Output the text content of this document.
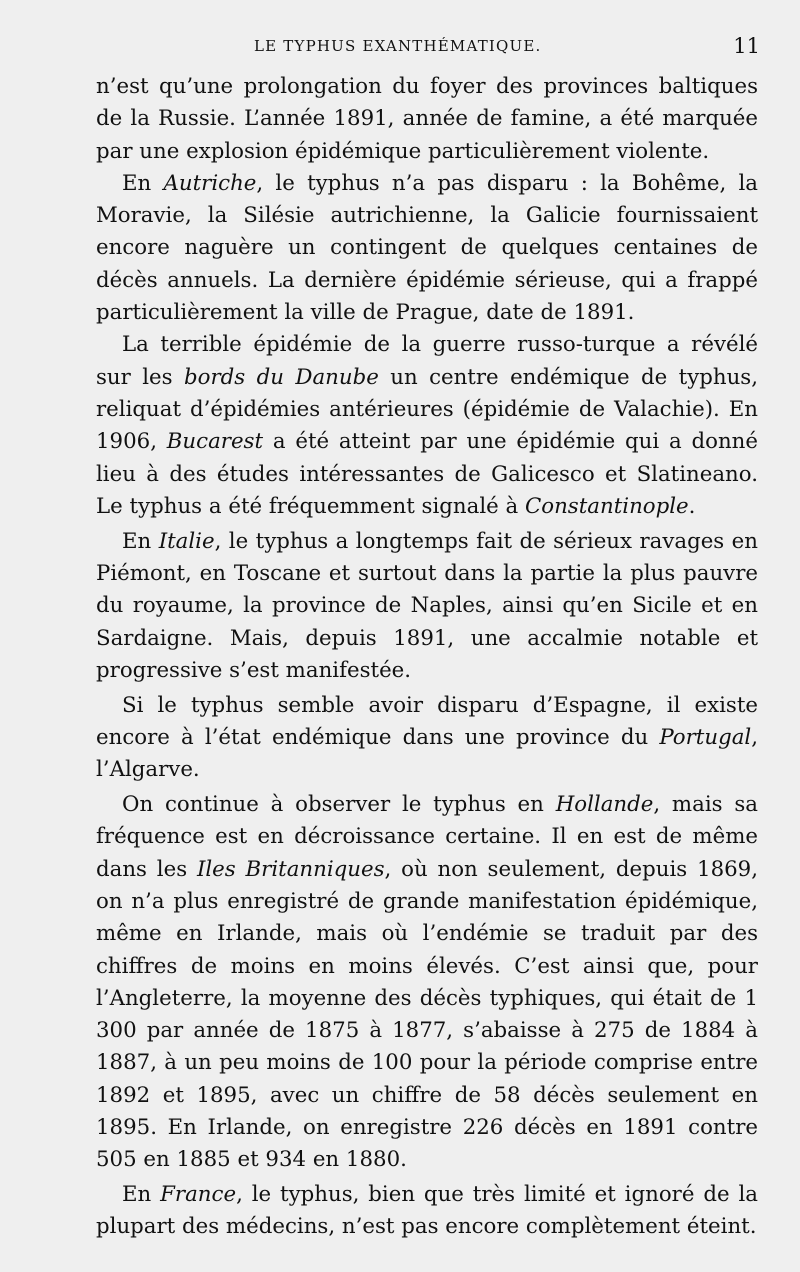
LE TYPHUS EXANTHÉMATIQUE.	11

n’est qu’une prolongation du foyer des provinces baltiques de la Russie. L’année 1891, année de famine, a été marquée par une explosion épidémique particulièrement violente.

En Autriche, le typhus n’a pas disparu : la Bohême, la Moravie, la Silésie autrichienne, la Galicie fournissaient encore naguère un contingent de quelques centaines de décès annuels. La dernière épidémie sérieuse, qui a frappé particulièrement la ville de Prague, date de 1891.

La terrible épidémie de la guerre russo-turque a révélé sur les bords du Danube un centre endémique de typhus, reliquat d’épidémies antérieures (épidémie de Valachie). En 1906, Bucarest a été atteint par une épidémie qui a donné lieu à des études intéressantes de Galicesco et Slatineano. Le typhus a été fréquemment signalé à Constantinople.

En Italie, le typhus a longtemps fait de sérieux ravages en Piémont, en Toscane et surtout dans la partie la plus pauvre du royaume, la province de Naples, ainsi qu’en Sicile et en Sardaigne. Mais, depuis 1891, une accalmie notable et progressive s’est manifestée.

Si le typhus semble avoir disparu d’Espagne, il existe encore à l’état endémique dans une province du Portugal, l’Algarve.

On continue à observer le typhus en Hollande, mais sa fréquence est en décroissance certaine. Il en est de même dans les Iles Britanniques, où non seulement, depuis 1869, on n’a plus enregistré de grande manifestation épidémique, même en Irlande, mais où l’endémie se traduit par des chiffres de moins en moins élevés. C’est ainsi que, pour l’Angleterre, la moyenne des décès typhiques, qui était de 1 300 par année de 1875 à 1877, s’abaisse à 275 de 1884 à 1887, à un peu moins de 100 pour la période comprise entre 1892 et 1895, avec un chiffre de 58 décès seulement en 1895. En Irlande, on enregistre 226 décès en 1891 contre 505 en 1885 et 934 en 1880.

En France, le typhus, bien que très limité et ignoré de la plupart des médecins, n’est pas encore complètement éteint.
